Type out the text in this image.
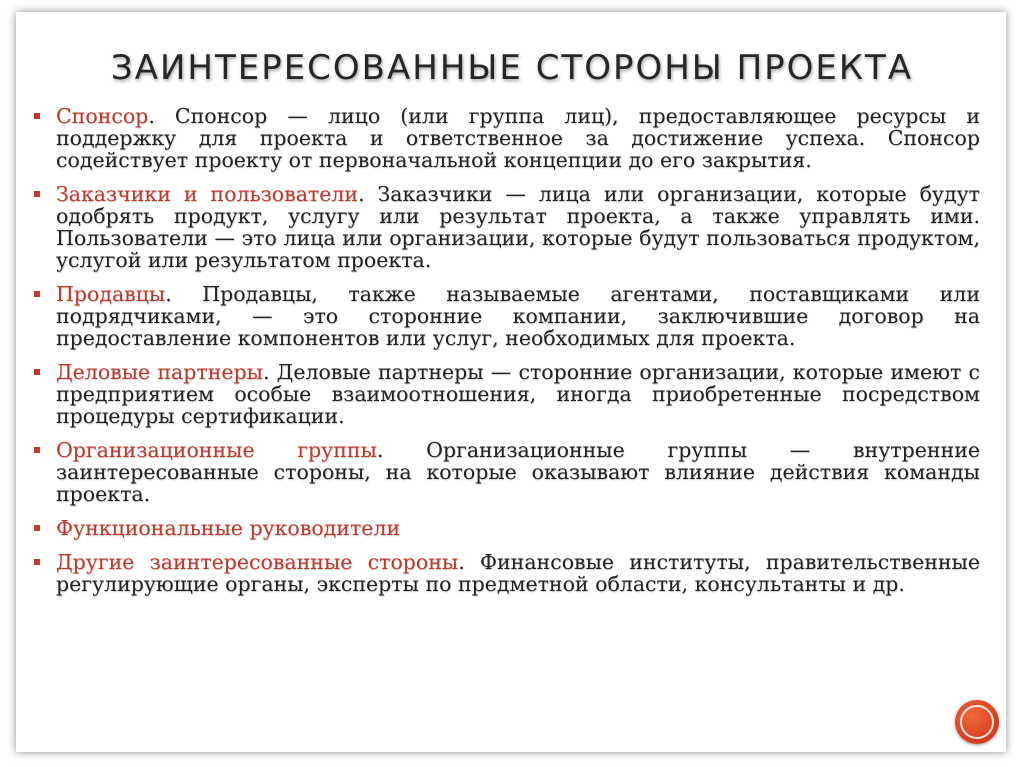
ЗАИНТЕРЕСОВАННЫЕ СТОРОНЫ ПРОЕКТА
Спонсор. Спонсор — лицо (или группа лиц), предоставляющее ресурсы и поддержку для проекта и ответственное за достижение успеха. Спонсор содействует проекту от первоначальной концепции до его закрытия.
Заказчики и пользователи. Заказчики — лица или организации, которые будут одобрять продукт, услугу или результат проекта, а также управлять ими. Пользователи — это лица или организации, которые будут пользоваться продуктом, услугой или результатом проекта.
Продавцы. Продавцы, также называемые агентами, поставщиками или подрядчиками, — это сторонние компании, заключившие договор на предоставление компонентов или услуг, необходимых для проекта.
Деловые партнеры. Деловые партнеры — сторонние организации, которые имеют с предприятием особые взаимоотношения, иногда приобретенные посредством процедуры сертификации.
Организационные группы. Организационные группы — внутренние заинтересованные стороны, на которые оказывают влияние действия команды проекта.
Функциональные руководители
Другие заинтересованные стороны. Финансовые институты, правительственные регулирующие органы, эксперты по предметной области, консультанты и др.
